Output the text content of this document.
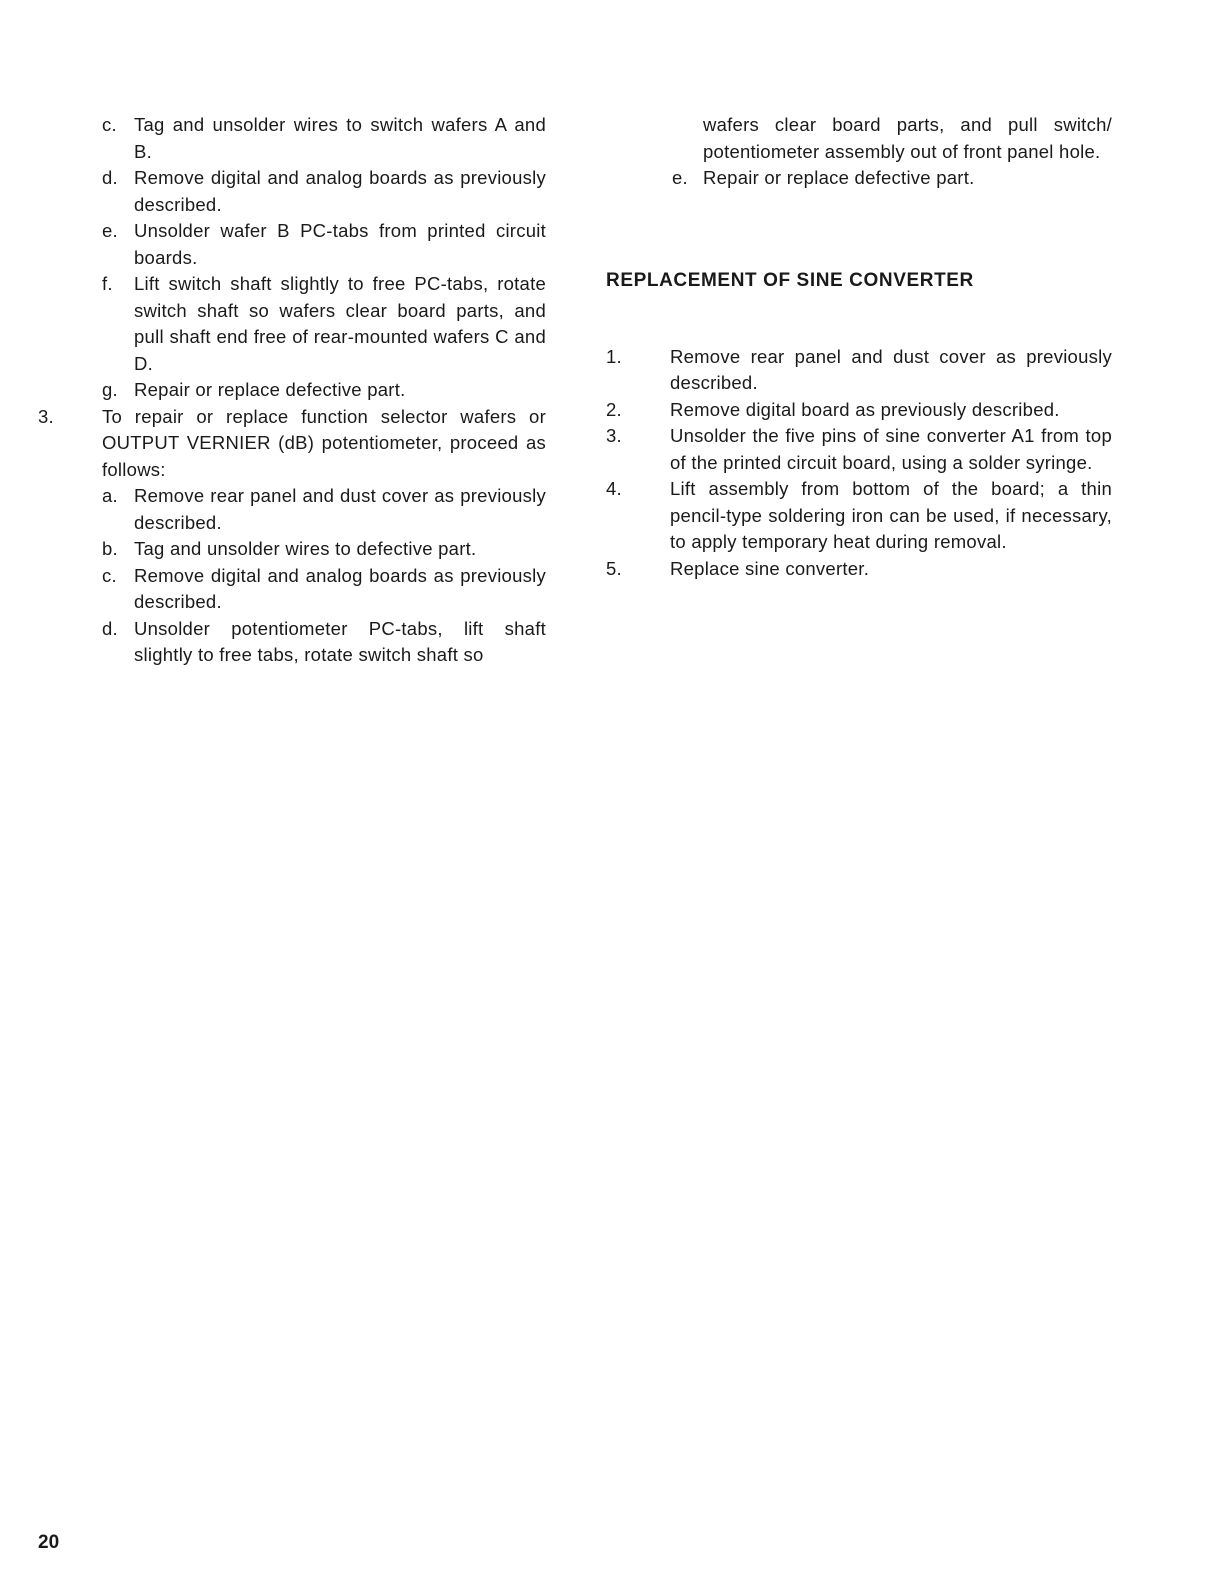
c. Tag and unsolder wires to switch wafers A and B.
d. Remove digital and analog boards as previously described.
e. Unsolder wafer B PC-tabs from printed circuit boards.
f. Lift switch shaft slightly to free PC-tabs, rotate switch shaft so wafers clear board parts, and pull shaft end free of rear-mounted wafers C and D.
g. Repair or replace defective part.
3.	To repair or replace function selector wafers or OUTPUT VERNIER (dB) potentiometer, proceed as follows:
a. Remove rear panel and dust cover as previously described.
b. Tag and unsolder wires to defective part.
c. Remove digital and analog boards as previously described.
d. Unsolder potentiometer PC-tabs, lift shaft slightly to free tabs, rotate switch shaft so
wafers clear board parts, and pull switch/ potentiometer assembly out of front panel hole.
e. Repair or replace defective part.
REPLACEMENT OF SINE CONVERTER
1.	Remove rear panel and dust cover as previously described.
2.	Remove digital board as previously described.
3.	Unsolder the five pins of sine converter A1 from top of the printed circuit board, using a solder syringe.
4.	Lift assembly from bottom of the board; a thin pencil-type soldering iron can be used, if necessary, to apply temporary heat during removal.
5.	Replace sine converter.
20
